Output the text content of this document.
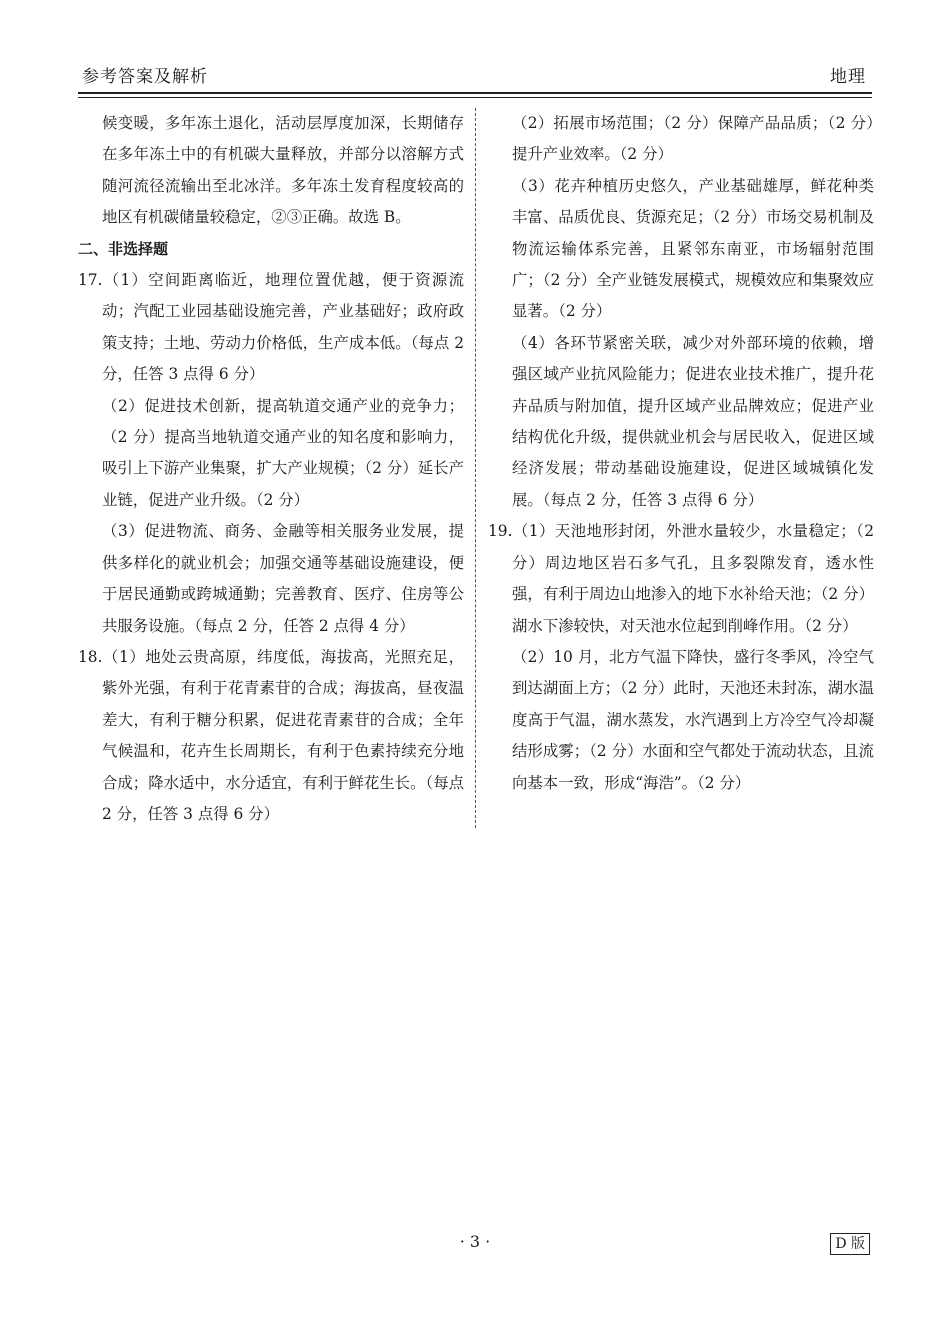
参考答案及解析	地理

候变暖，多年冻土退化，活动层厚度加深，长期储存在多年冻土中的有机碳大量释放，并部分以溶解方式随河流径流输出至北冰洋。多年冻土发育程度较高的地区有机碳储量较稳定，②③正确。故选 B。

二、非选择题

17.（1）空间距离临近，地理位置优越，便于资源流动；汽配工业园基础设施完善，产业基础好；政府政策支持；土地、劳动力价格低，生产成本低。（每点 2 分，任答 3 点得 6 分）

（2）促进技术创新，提高轨道交通产业的竞争力；（2 分）提高当地轨道交通产业的知名度和影响力，吸引上下游产业集聚，扩大产业规模；（2 分）延长产业链，促进产业升级。（2 分）

（3）促进物流、商务、金融等相关服务业发展，提供多样化的就业机会；加强交通等基础设施建设，便于居民通勤或跨城通勤；完善教育、医疗、住房等公共服务设施。（每点 2 分，任答 2 点得 4 分）

18.（1）地处云贵高原，纬度低，海拔高，光照充足，紫外光强，有利于花青素苷的合成；海拔高，昼夜温差大，有利于糖分积累，促进花青素苷的合成；全年气候温和，花卉生长周期长，有利于色素持续充分地合成；降水适中，水分适宜，有利于鲜花生长。（每点 2 分，任答 3 点得 6 分）

（2）拓展市场范围；（2 分）保障产品品质；（2 分）提升产业效率。（2 分）

（3）花卉种植历史悠久，产业基础雄厚，鲜花种类丰富、品质优良、货源充足；（2 分）市场交易机制及物流运输体系完善，且紧邻东南亚，市场辐射范围广；（2 分）全产业链发展模式，规模效应和集聚效应显著。（2 分）

（4）各环节紧密关联，减少对外部环境的依赖，增强区域产业抗风险能力；促进农业技术推广，提升花卉品质与附加值，提升区域产业品牌效应；促进产业结构优化升级，提供就业机会与居民收入，促进区域经济发展；带动基础设施建设，促进区域城镇化发展。（每点 2 分，任答 3 点得 6 分）

19.（1）天池地形封闭，外泄水量较少，水量稳定；（2 分）周边地区岩石多气孔，且多裂隙发育，透水性强，有利于周边山地渗入的地下水补给天池；（2 分）湖水下渗较快，对天池水位起到削峰作用。（2 分）

（2）10 月，北方气温下降快，盛行冬季风，冷空气到达湖面上方；（2 分）此时，天池还未封冻，湖水温度高于气温，湖水蒸发，水汽遇到上方冷空气冷却凝结形成雾；（2 分）水面和空气都处于流动状态，且流向基本一致，形成“海浩”。（2 分）

· 3 ·	D 版
